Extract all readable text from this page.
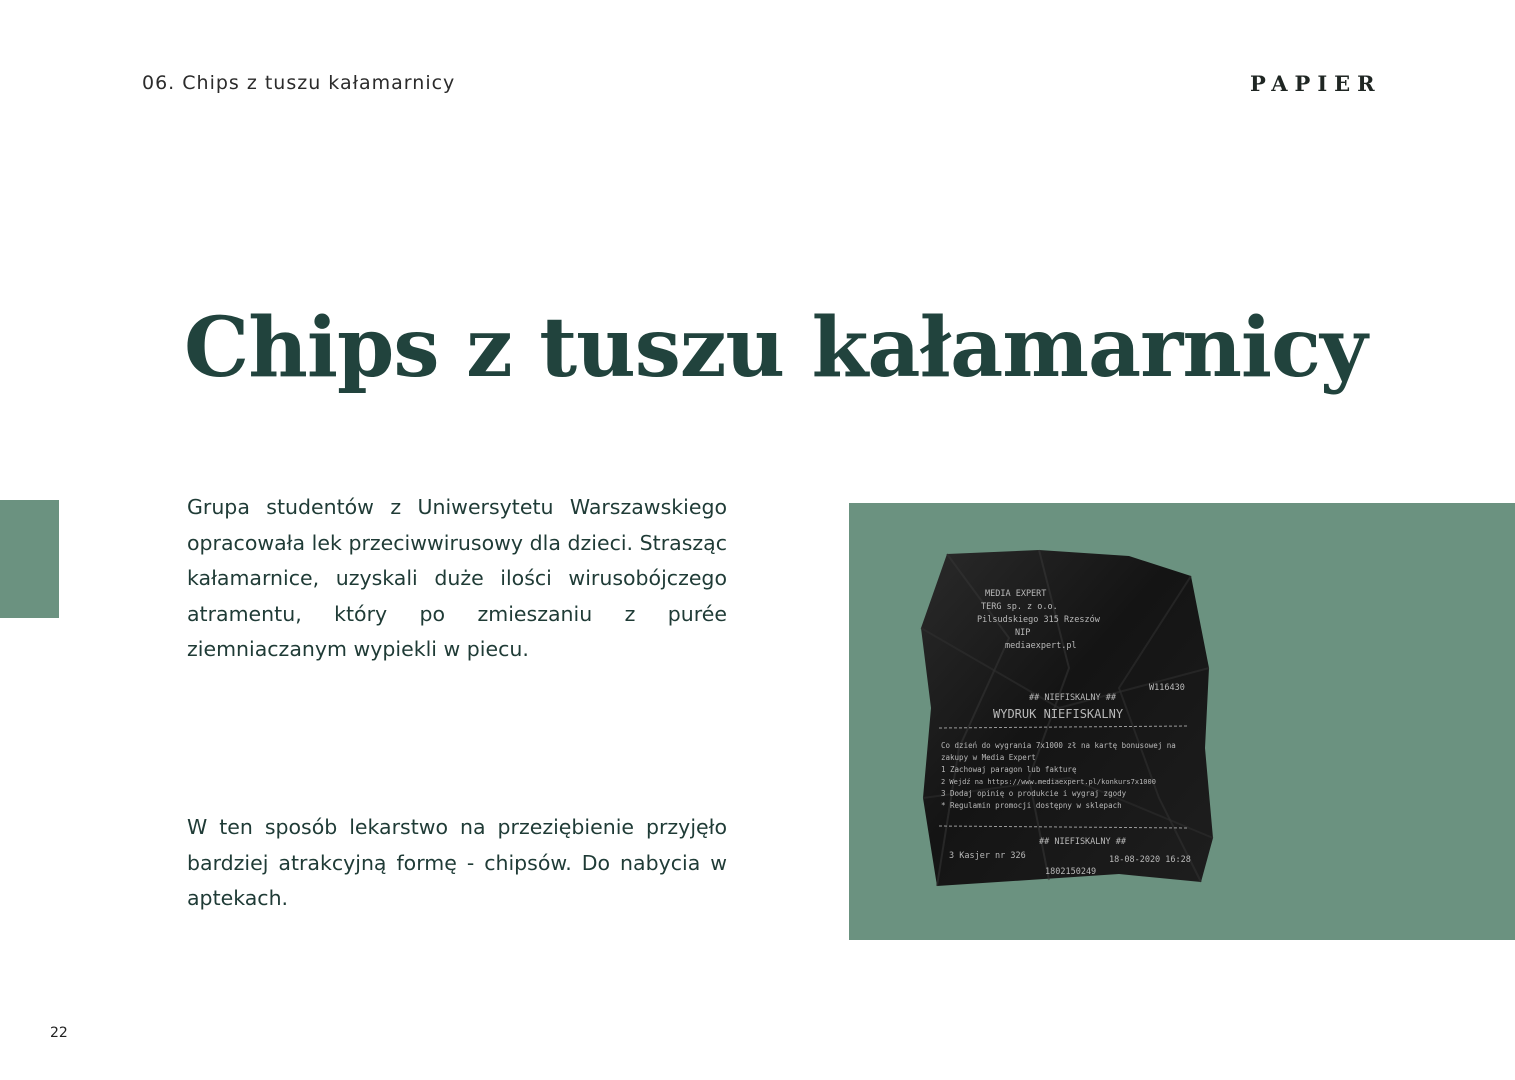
06. Chips z tuszu kałamarnicy	PAPIER
Chips z tuszu kałamarnicy

Grupa studentów z Uniwersytetu Warszawskiego opracowała lek przeciwwirusowy dla dzieci. Strasząc kałamarnice, uzyskali duże ilości wirusobójczego atramentu, który po zmieszaniu z purée ziemniaczanym wypiekli w piecu.

W ten sposób lekarstwo na przeziębienie przyjęło bardziej atrakcyjną formę - chipsów. Do nabycia w aptekach.

MEDIA EXPERT
TERG sp. z o.o.
Pilsudskiego 315 Rzeszów
NIP
mediaexpert.pl
W116430
## NIEFISKALNY ##
WYDRUK NIEFISKALNY
Co dzień do wygrania 7x1000 zł na kartę bonusowej na
zakupy w Media Expert
1 Zachowaj paragon lub fakturę
2 Wejdź na https://www.mediaexpert.pl/konkurs7x1000
3 Dodaj opinię o produkcie i wygraj zgody
* Regulamin promocji dostępny w sklepach
## NIEFISKALNY ##
3 Kasjer nr 326	18-08-2020 16:28
1802150249
22
